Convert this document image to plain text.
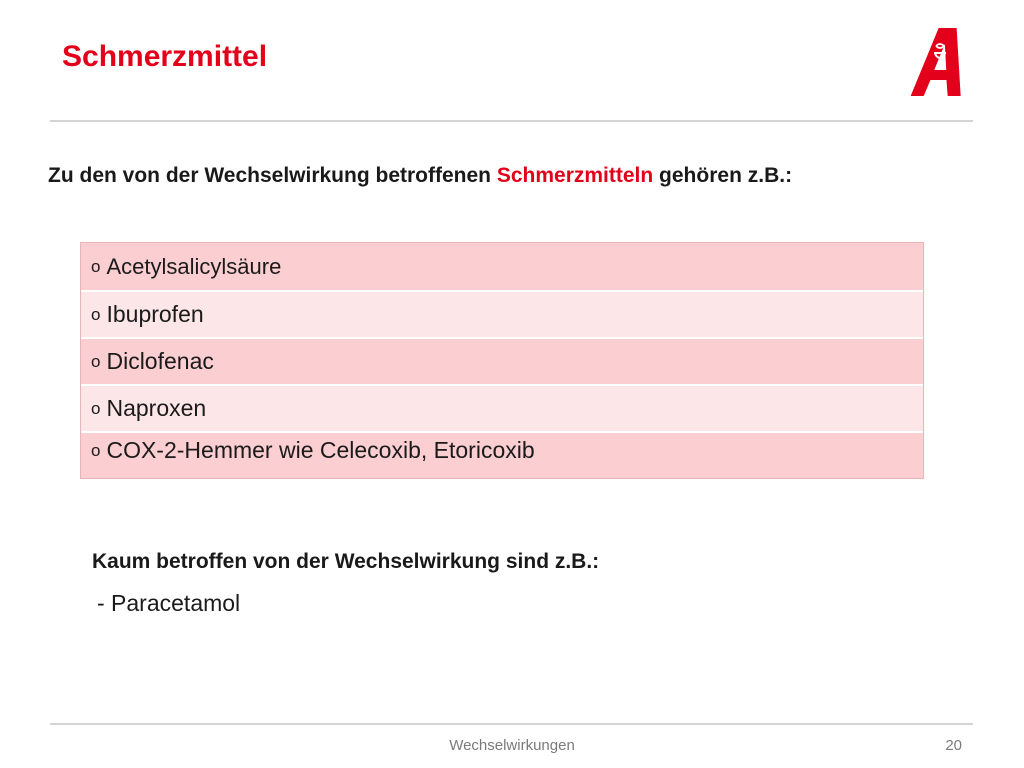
Schmerzmittel
Zu den von der Wechselwirkung betroffenen Schmerzmitteln gehören z.B.:
o Acetylsalicylsäure
o Ibuprofen
o Diclofenac
o Naproxen
o COX-2-Hemmer wie Celecoxib, Etoricoxib
Kaum betroffen von der Wechselwirkung sind z.B.:
- Paracetamol
Wechselwirkungen	20
